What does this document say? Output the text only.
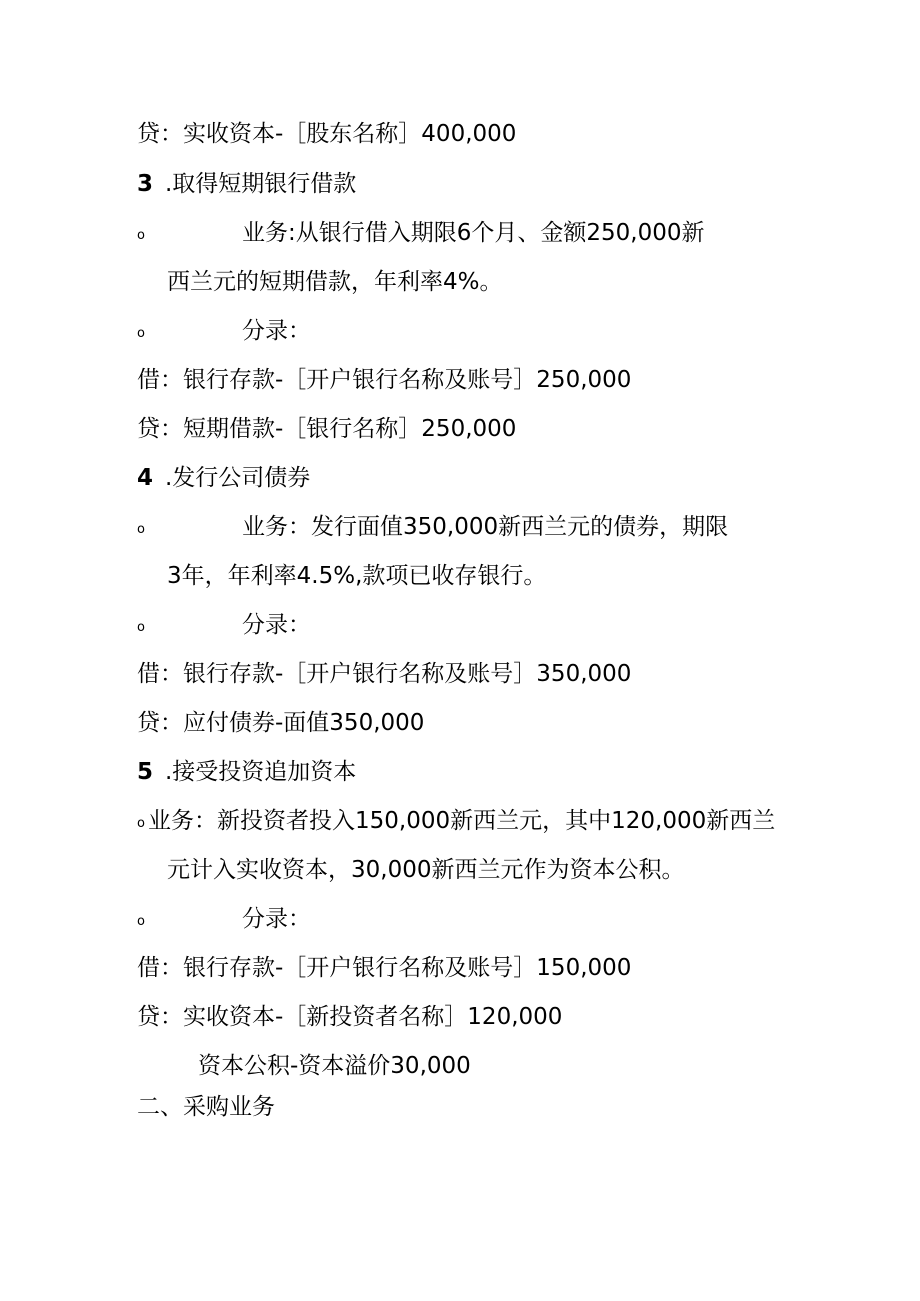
贷：实收资本-［股东名称］400,000
3 .取得短期银行借款
o	业务:从银行借入期限6个月、金额250,000新
西兰元的短期借款，年利率4%。
o	分录：
借：银行存款-［开户银行名称及账号］250,000
贷：短期借款-［银行名称］250,000
4 .发行公司债券
o	业务：发行面值350,000新西兰元的债券，期限
3年，年利率4.5%,款项已收存银行。
o	分录：
借：银行存款-［开户银行名称及账号］350,000
贷：应付债券-面值350,000
5 .接受投资追加资本
o 业务：新投资者投入150,000新西兰元，其中120,000新西兰
元计入实收资本，30,000新西兰元作为资本公积。
o	分录：
借：银行存款-［开户银行名称及账号］150,000
贷：实收资本-［新投资者名称］120,000
资本公积-资本溢价30,000
二、采购业务
